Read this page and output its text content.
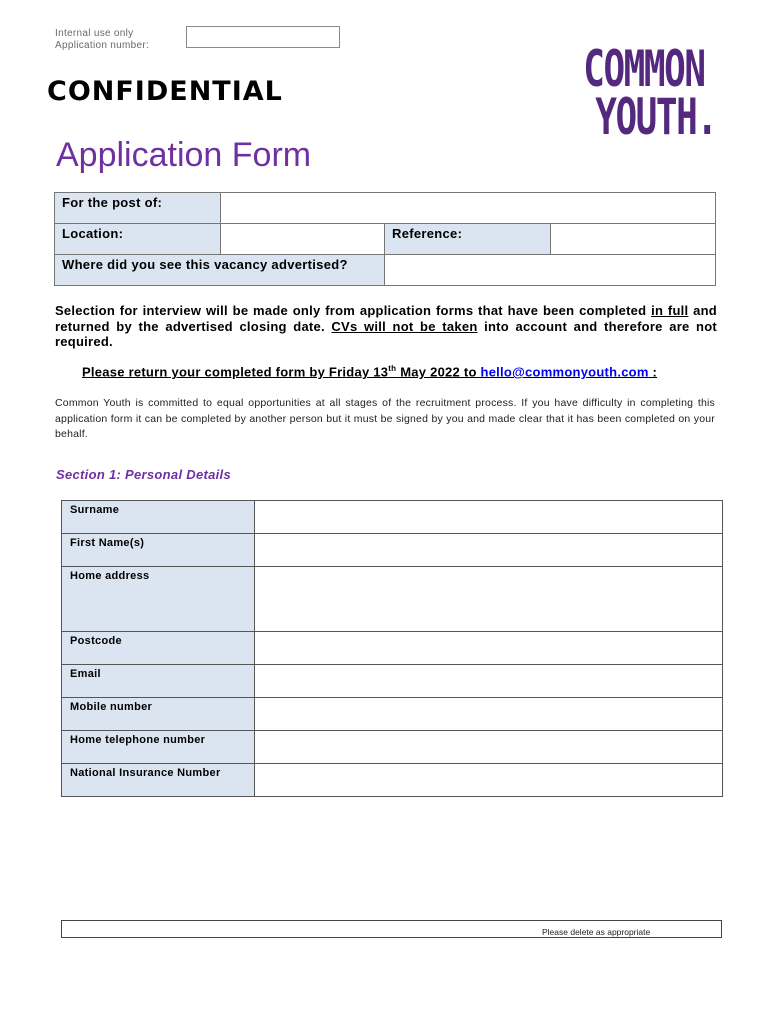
Internal use only
Application number:
CONFIDENTIAL	COMMON
YOUTH.
Application Form
For the post of:			
Location:		Reference:	
Where did you see this vacancy advertised?			
Selection for interview will be made only from application forms that have been completed in full and returned by the advertised closing date. CVs will not be taken into account and therefore are not required.
Please return your completed form by Friday 13th May 2022 to hello@commonyouth.com :
Common Youth is committed to equal opportunities at all stages of the recruitment process. If you have difficulty in completing this application form it can be completed by another person but it must be signed by you and made clear that it has been completed on your behalf.
Section 1: Personal Details
Surname	
First Name(s)	
Home address	
Postcode	
Email	
Mobile number	
Home telephone number	
National Insurance Number	
Please delete as appropriate
